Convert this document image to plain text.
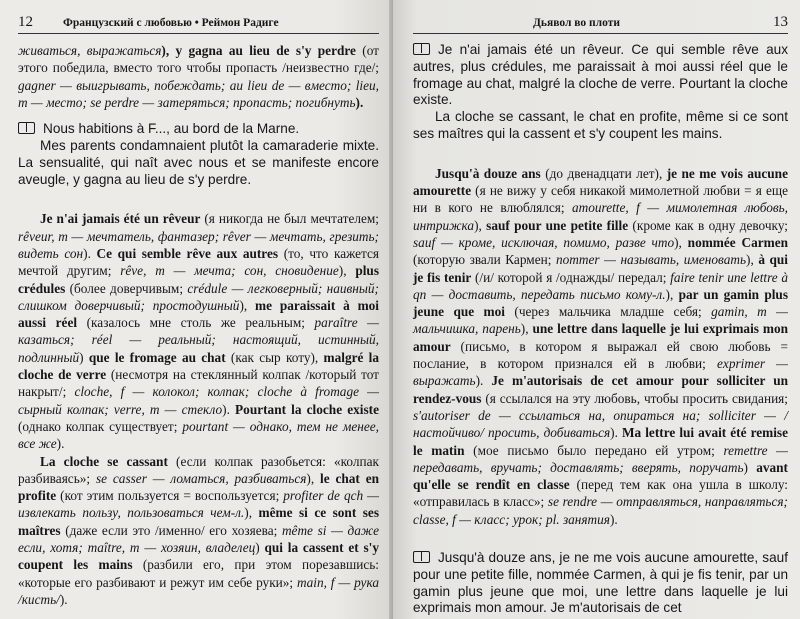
12	Французский с любовью • Реймон Радиге

живаться, выражаться), y gagna au lieu de s'y perdre (от этого победила, вместо того чтобы пропасть /неизвестно где/; gagner — выигрывать, побеждать; au lieu de — вместо; lieu, m — место; se perdre — затеряться; пропасть; погибнуть).

Nous habitions à F..., au bord de la Marne.

Mes parents condamnaient plutôt la camaraderie mixte. La sensualité, qui naît avec nous et se manifeste encore aveugle, y gagna au lieu de s'y perdre.

Je n'ai jamais été un rêveur (я никогда не был мечтателем; rêveur, m — мечтатель, фантазер; rêver — мечтать, грезить; видеть сон). Ce qui semble rêve aux autres (то, что кажется мечтой другим; rêve, m — мечта; сон, сновидение), plus crédules (более доверчивым; crédule — легковерный; наивный; слишком доверчивый; простодушный), me paraissait à moi aussi réel (казалось мне столь же реальным; paraître — казаться; réel — реальный; настоящий, истинный, подлинный) que le fromage au chat (как сыр коту), malgré la cloche de verre (несмотря на стеклянный колпак /который тот накрыт/; cloche, f — колокол; колпак; cloche à fromage — сырный колпак; verre, m — стекло). Pourtant la cloche existe (однако колпак существует; pourtant — однако, тем не менее, все же).

La cloche se cassant (если колпак разобьется: «колпак разбиваясь»; se casser — ломаться, разбиваться), le chat en profite (кот этим пользуется = воспользуется; profiter de qch — извлекать пользу, пользоваться чем-л.), même si ce sont ses maîtres (даже если это /именно/ его хозяева; même si — даже если, хотя; maître, m — хозяин, владелец) qui la cassent et s'y coupent les mains (разбили его, при этом порезавшись: «которые его разбивают и режут им себе руки»; main, f — рука /кисть/).

Дьявол во плоти	13

Je n'ai jamais été un rêveur. Ce qui semble rêve aux autres, plus crédules, me paraissait à moi aussi réel que le fromage au chat, malgré la cloche de verre. Pourtant la cloche existe.

La cloche se cassant, le chat en profite, même si ce sont ses maîtres qui la cassent et s'y coupent les mains.

Jusqu'à douze ans (до двенадцати лет), je ne me vois aucune amourette (я не вижу у себя никакой мимолетной любви = я еще ни в кого не влюблялся; amourette, f — мимолетная любовь, интрижка), sauf pour une petite fille (кроме как в одну девочку; sauf — кроме, исключая, помимо, разве что), nommée Carmen (которую звали Кармен; nommer — называть, именовать), à qui je fis tenir (/и/ которой я /однажды/ передал; faire tenir une lettre à qn — доставить, передать письмо кому-л.), par un gamin plus jeune que moi (через мальчика младше себя; gamin, m — мальчишка, парень), une lettre dans laquelle je lui exprimais mon amour (письмо, в котором я выражал ей свою любовь = послание, в котором признался ей в любви; exprimer — выражать). Je m'autorisais de cet amour pour solliciter un rendez-vous (я ссылался на эту любовь, чтобы просить свидания; s'autoriser de — ссылаться на, опираться на; solliciter — /настойчиво/ просить, добиваться). Ma lettre lui avait été remise le matin (мое письмо было передано ей утром; remettre — передавать, вручать; доставлять; вверять, поручать) avant qu'elle se rendît en classe (перед тем как она ушла в школу: «отправилась в класс»; se rendre — отправляться, направляться; classe, f — класс; урок; pl. занятия).

Jusqu'à douze ans, je ne me vois aucune amourette, sauf pour une petite fille, nommée Carmen, à qui je fis tenir, par un gamin plus jeune que moi, une lettre dans laquelle je lui exprimais mon amour. Je m'autorisais de cet
